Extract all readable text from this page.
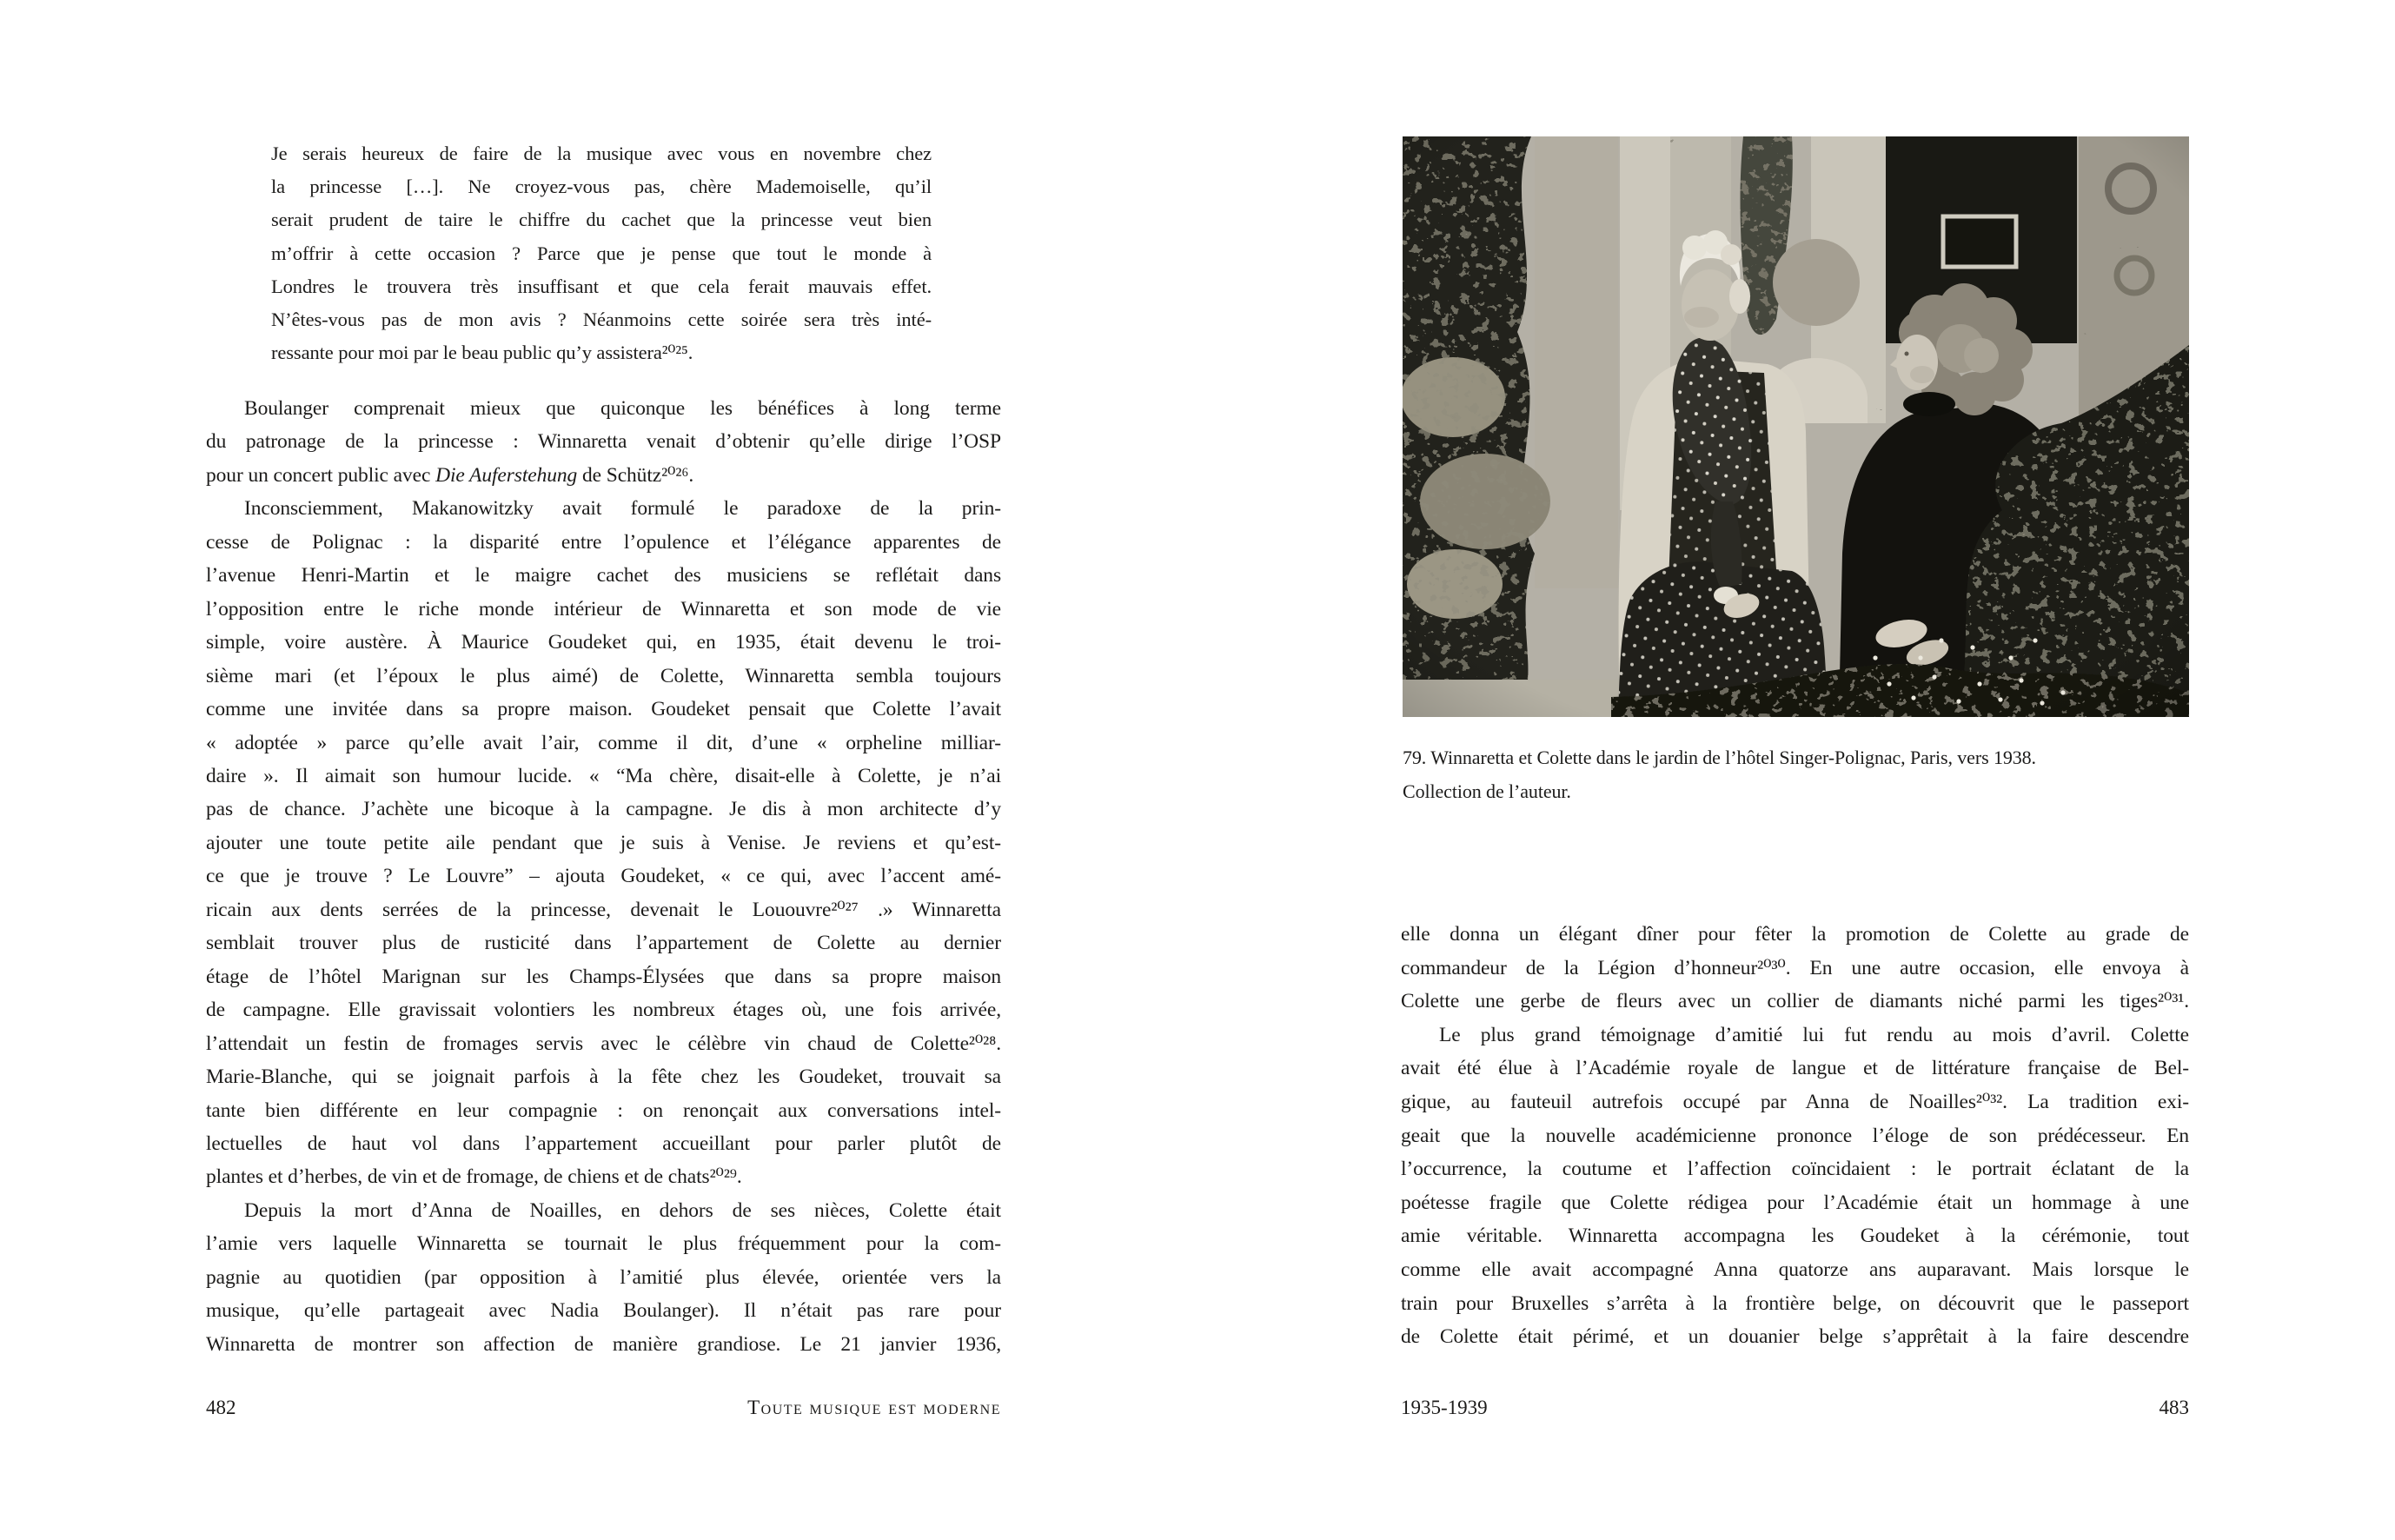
Je serais heureux de faire de la musique avec vous en novembre chez
la princesse […]. Ne croyez-vous pas, chère Mademoiselle, qu’il
serait prudent de taire le chiffre du cachet que la princesse veut bien
m’offrir à cette occasion ? Parce que je pense que tout le monde à
Londres le trouvera très insuffisant et que cela ferait mauvais effet.
N’êtes-vous pas de mon avis ? Néanmoins cette soirée sera très inté-
ressante pour moi par le beau public qu’y assistera²⁰²⁵.
Boulanger comprenait mieux que quiconque les bénéfices à long terme
du patronage de la princesse : Winnaretta venait d’obtenir qu’elle dirige l’OSP
pour un concert public avec Die Auferstehung de Schütz²⁰²⁶.
Inconsciemment, Makanowitzky avait formulé le paradoxe de la prin-
cesse de Polignac : la disparité entre l’opulence et l’élégance apparentes de
l’avenue Henri-Martin et le maigre cachet des musiciens se reflétait dans
l’opposition entre le riche monde intérieur de Winnaretta et son mode de vie
simple, voire austère. À Maurice Goudeket qui, en 1935, était devenu le troi-
sième mari (et l’époux le plus aimé) de Colette, Winnaretta sembla toujours
comme une invitée dans sa propre maison. Goudeket pensait que Colette l’avait
« adoptée » parce qu’elle avait l’air, comme il dit, d’une « orpheline milliar-
daire ». Il aimait son humour lucide. « “Ma chère, disait-elle à Colette, je n’ai
pas de chance. J’achète une bicoque à la campagne. Je dis à mon architecte d’y
ajouter une toute petite aile pendant que je suis à Venise. Je reviens et qu’est-
ce que je trouve ? Le Louvre” – ajouta Goudeket, « ce qui, avec l’accent amé-
ricain aux dents serrées de la princesse, devenait le Lououvre²⁰²⁷ .» Winnaretta
semblait trouver plus de rusticité dans l’appartement de Colette au dernier
étage de l’hôtel Marignan sur les Champs-Élysées que dans sa propre maison
de campagne. Elle gravissait volontiers les nombreux étages où, une fois arrivée,
l’attendait un festin de fromages servis avec le célèbre vin chaud de Colette²⁰²⁸.
Marie-Blanche, qui se joignait parfois à la fête chez les Goudeket, trouvait sa
tante bien différente en leur compagnie : on renonçait aux conversations intel-
lectuelles de haut vol dans l’appartement accueillant pour parler plutôt de
plantes et d’herbes, de vin et de fromage, de chiens et de chats²⁰²⁹.
Depuis la mort d’Anna de Noailles, en dehors de ses nièces, Colette était
l’amie vers laquelle Winnaretta se tournait le plus fréquemment pour la com-
pagnie au quotidien (par opposition à l’amitié plus élevée, orientée vers la
musique, qu’elle partageait avec Nadia Boulanger). Il n’était pas rare pour
Winnaretta de montrer son affection de manière grandiose. Le 21 janvier 1936,
482	Toute musique est moderne
79. Winnaretta et Colette dans le jardin de l’hôtel Singer-Polignac, Paris, vers 1938.
Collection de l’auteur.
elle donna un élégant dîner pour fêter la promotion de Colette au grade de
commandeur de la Légion d’honneur²⁰³⁰. En une autre occasion, elle envoya à
Colette une gerbe de fleurs avec un collier de diamants niché parmi les tiges²⁰³¹.
Le plus grand témoignage d’amitié lui fut rendu au mois d’avril. Colette
avait été élue à l’Académie royale de langue et de littérature française de Bel-
gique, au fauteuil autrefois occupé par Anna de Noailles²⁰³². La tradition exi-
geait que la nouvelle académicienne prononce l’éloge de son prédécesseur. En
l’occurrence, la coutume et l’affection coïncidaient : le portrait éclatant de la
poétesse fragile que Colette rédigea pour l’Académie était un hommage à une
amie véritable. Winnaretta accompagna les Goudeket à la cérémonie, tout
comme elle avait accompagné Anna quatorze ans auparavant. Mais lorsque le
train pour Bruxelles s’arrêta à la frontière belge, on découvrit que le passeport
de Colette était périmé, et un douanier belge s’apprêtait à la faire descendre
1935-1939	483
